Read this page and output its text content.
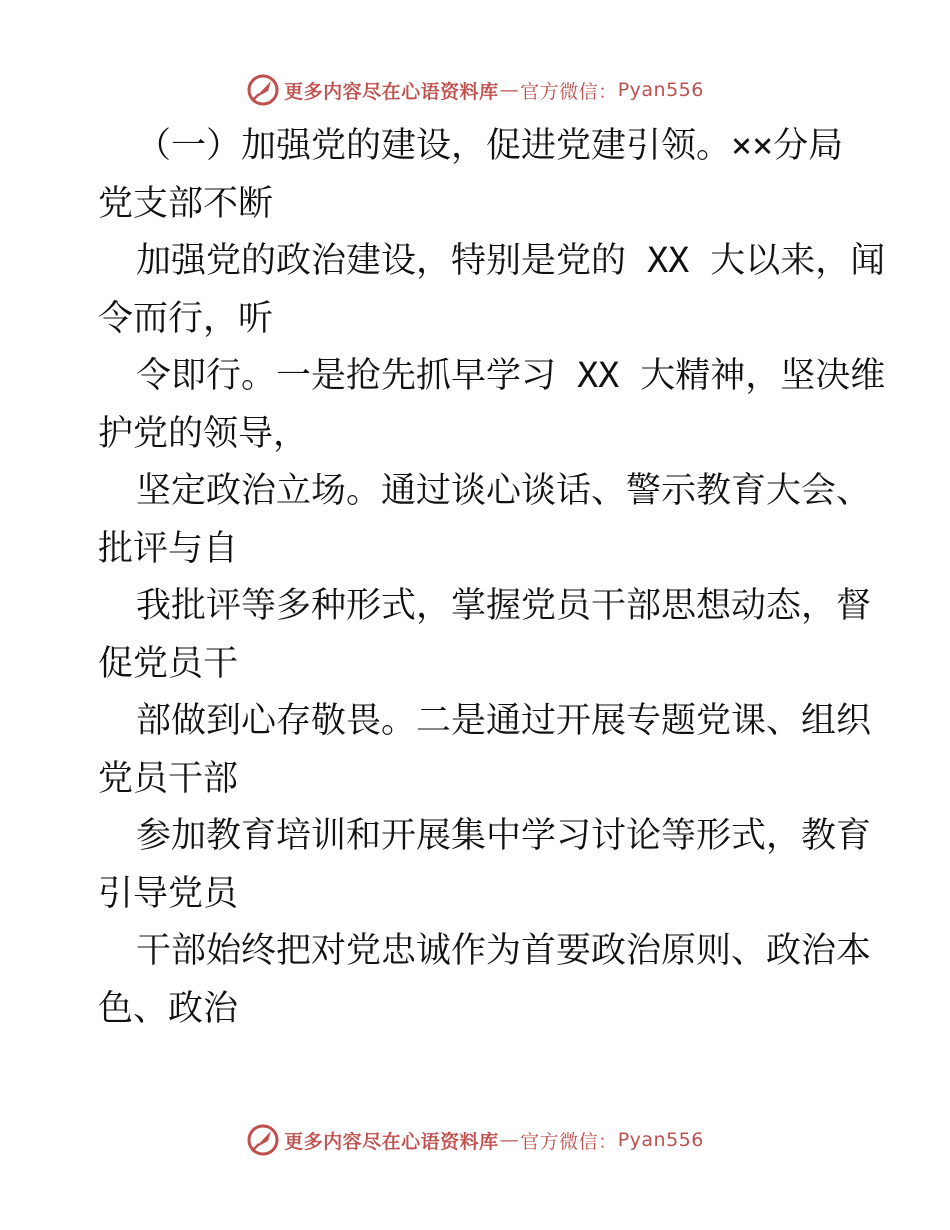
更多内容尽在心语资料库 — 官方微信： Pyan556
（一）加强党的建设，促进党建引领。××分局
党支部不断
加强党的政治建设，特别是党的 XX 大以来，闻
令而行，听
令即行。一是抢先抓早学习 XX 大精神，坚决维
护党的领导，
坚定政治立场。通过谈心谈话、警示教育大会、
批评与自
我批评等多种形式，掌握党员干部思想动态，督
促党员干
部做到心存敬畏。二是通过开展专题党课、组织
党员干部
参加教育培训和开展集中学习讨论等形式，教育
引导党员
干部始终把对党忠诚作为首要政治原则、政治本
色、政治
更多内容尽在心语资料库 — 官方微信： Pyan556
